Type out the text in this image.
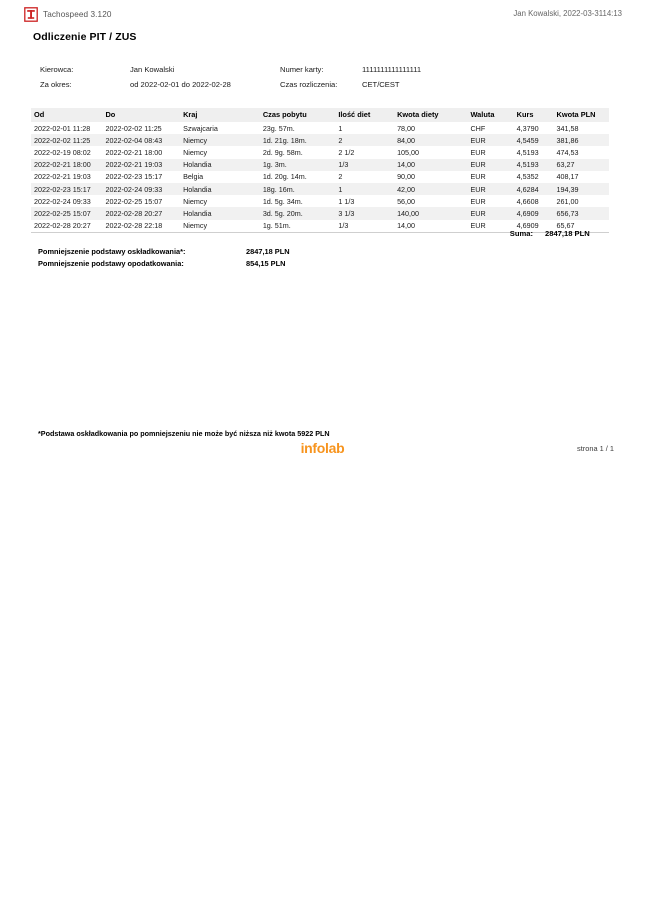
Tachospeed 3.120	Jan Kowalski, 2022-03-3114:13
Odliczenie PIT / ZUS
Kierowca:	Jan Kowalski	Numer karty:	1111111111111111
Za okres:	od 2022-02-01 do 2022-02-28	Czas rozliczenia:	CET/CEST
Od	Do	Kraj	Czas pobytu	Ilość diet	Kwota diety	Waluta	Kurs	Kwota PLN
2022-02-01 11:28	2022-02-02 11:25	Szwajcaria	23g. 57m.	1	78,00	CHF	4,3790	341,58
2022-02-02 11:25	2022-02-04 08:43	Niemcy	1d. 21g. 18m.	2	84,00	EUR	4,5459	381,86
2022-02-19 08:02	2022-02-21 18:00	Niemcy	2d. 9g. 58m.	2 1/2	105,00	EUR	4,5193	474,53
2022-02-21 18:00	2022-02-21 19:03	Holandia	1g. 3m.	1/3	14,00	EUR	4,5193	63,27
2022-02-21 19:03	2022-02-23 15:17	Belgia	1d. 20g. 14m.	2	90,00	EUR	4,5352	408,17
2022-02-23 15:17	2022-02-24 09:33	Holandia	18g. 16m.	1	42,00	EUR	4,6284	194,39
2022-02-24 09:33	2022-02-25 15:07	Niemcy	1d. 5g. 34m.	1 1/3	56,00	EUR	4,6608	261,00
2022-02-25 15:07	2022-02-28 20:27	Holandia	3d. 5g. 20m.	3 1/3	140,00	EUR	4,6909	656,73
2022-02-28 20:27	2022-02-28 22:18	Niemcy	1g. 51m.	1/3	14,00	EUR	4,6909	65,67
Suma: 2847,18 PLN
Pomniejszenie podstawy oskładkowania*:	2847,18 PLN
Pomniejszenie podstawy opodatkowania:	854,15 PLN
*Podstawa oskładkowania po pomniejszeniu nie może być niższa niż kwota 5922 PLN
infolab	strona 1 / 1
